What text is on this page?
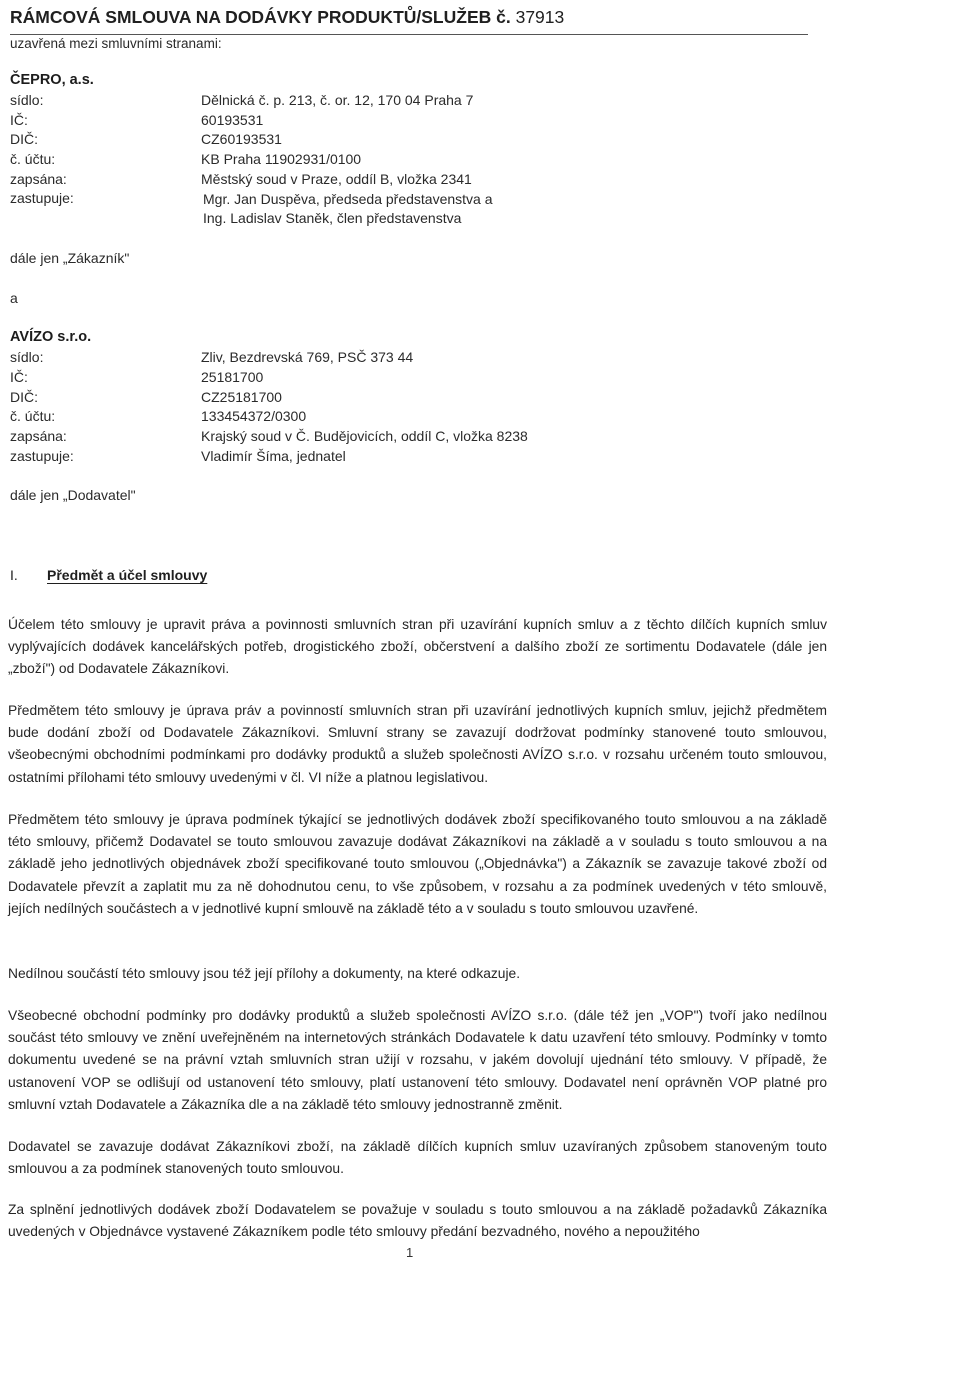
RÁMCOVÁ SMLOUVA NA DODÁVKY PRODUKTŮ/SLUŽEB č. 37913
uzavřená mezi smluvními stranami:
ČEPRO, a.s.
sídlo:	Dělnická č. p. 213, č. or. 12, 170 04 Praha 7
IČ:	60193531
DIČ:	CZ60193531
č. účtu:	KB Praha 11902931/0100
zapsána:	Městský soud v Praze, oddíl B, vložka 2341
zastupuje:	Mgr. Jan Duspěva, předseda představenstva a
Ing. Ladislav Staněk, člen představenstva
dále jen „Zákazník"
a
AVÍZO s.r.o.
sídlo:	Zliv, Bezdrevská 769, PSČ 373 44
IČ:	25181700
DIČ:	CZ25181700
č. účtu:	133454372/0300
zapsána:	Krajský soud v Č. Budějovicích, oddíl C, vložka 8238
zastupuje:	Vladimír Šíma, jednatel
dále jen „Dodavatel"
I. Předmět a účel smlouvy
Účelem této smlouvy je upravit práva a povinnosti smluvních stran při uzavírání kupních smluv a z těchto dílčích kupních smluv vyplývajících dodávek kancelářských potřeb, drogistického zboží, občerstvení a dalšího zboží ze sortimentu Dodavatele (dále jen „zboží") od Dodavatele Zákazníkovi.
Předmětem této smlouvy je úprava práv a povinností smluvních stran při uzavírání jednotlivých kupních smluv, jejichž předmětem bude dodání zboží od Dodavatele Zákazníkovi. Smluvní strany se zavazují dodržovat podmínky stanovené touto smlouvou, všeobecnými obchodními podmínkami pro dodávky produktů a služeb společnosti AVÍZO s.r.o. v rozsahu určeném touto smlouvou, ostatními přílohami této smlouvy uvedenými v čl. VI níže a platnou legislativou.
Předmětem této smlouvy je úprava podmínek týkající se jednotlivých dodávek zboží specifikovaného touto smlouvou a na základě této smlouvy, přičemž Dodavatel se touto smlouvou zavazuje dodávat Zákazníkovi na základě a v souladu s touto smlouvou a na základě jeho jednotlivých objednávek zboží specifikované touto smlouvou („Objednávka") a Zákazník se zavazuje takové zboží od Dodavatele převzít a zaplatit mu za ně dohodnutou cenu, to vše způsobem, v rozsahu a za podmínek uvedených v této smlouvě, jejích nedílných součástech a v jednotlivé kupní smlouvě na základě této a v souladu s touto smlouvou uzavřené.
Nedílnou součástí této smlouvy jsou též její přílohy a dokumenty, na které odkazuje.
Všeobecné obchodní podmínky pro dodávky produktů a služeb společnosti AVÍZO s.r.o. (dále též jen „VOP") tvoří jako nedílnou součást této smlouvy ve znění uveřejněném na internetových stránkách Dodavatele k datu uzavření této smlouvy. Podmínky v tomto dokumentu uvedené se na právní vztah smluvních stran užijí v rozsahu, v jakém dovolují ujednání této smlouvy. V případě, že ustanovení VOP se odlišují od ustanovení této smlouvy, platí ustanovení této smlouvy. Dodavatel není oprávněn VOP platné pro smluvní vztah Dodavatele a Zákazníka dle a na základě této smlouvy jednostranně změnit.
Dodavatel se zavazuje dodávat Zákazníkovi zboží, na základě dílčích kupních smluv uzavíraných způsobem stanoveným touto smlouvou a za podmínek stanovených touto smlouvou.
Za splnění jednotlivých dodávek zboží Dodavatelem se považuje v souladu s touto smlouvou a na základě požadavků Zákazníka uvedených v Objednávce vystavené Zákazníkem podle této smlouvy předání bezvadného, nového a nepoužitého
1
